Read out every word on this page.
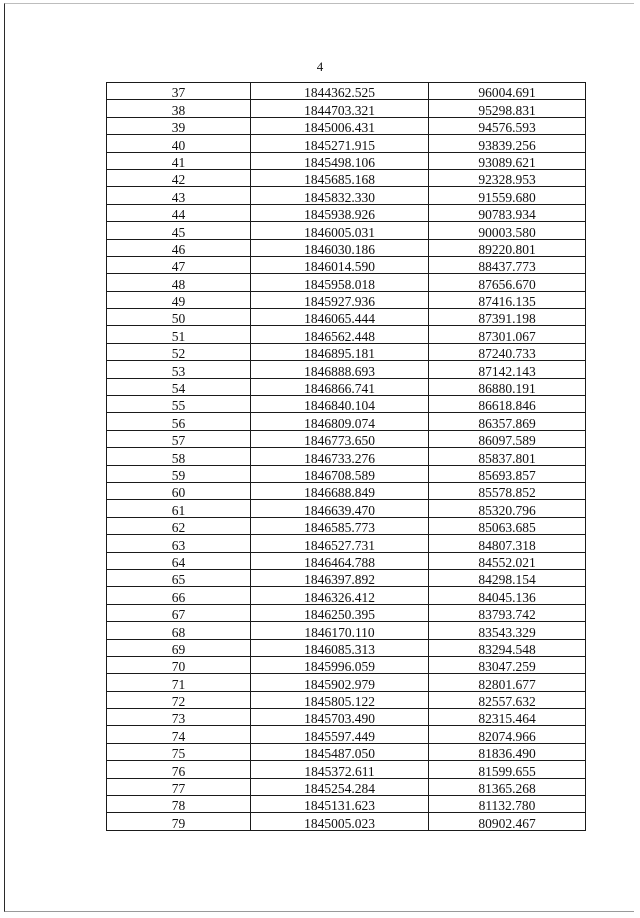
4
37	1844362.525	96004.691
38	1844703.321	95298.831
39	1845006.431	94576.593
40	1845271.915	93839.256
41	1845498.106	93089.621
42	1845685.168	92328.953
43	1845832.330	91559.680
44	1845938.926	90783.934
45	1846005.031	90003.580
46	1846030.186	89220.801
47	1846014.590	88437.773
48	1845958.018	87656.670
49	1845927.936	87416.135
50	1846065.444	87391.198
51	1846562.448	87301.067
52	1846895.181	87240.733
53	1846888.693	87142.143
54	1846866.741	86880.191
55	1846840.104	86618.846
56	1846809.074	86357.869
57	1846773.650	86097.589
58	1846733.276	85837.801
59	1846708.589	85693.857
60	1846688.849	85578.852
61	1846639.470	85320.796
62	1846585.773	85063.685
63	1846527.731	84807.318
64	1846464.788	84552.021
65	1846397.892	84298.154
66	1846326.412	84045.136
67	1846250.395	83793.742
68	1846170.110	83543.329
69	1846085.313	83294.548
70	1845996.059	83047.259
71	1845902.979	82801.677
72	1845805.122	82557.632
73	1845703.490	82315.464
74	1845597.449	82074.966
75	1845487.050	81836.490
76	1845372.611	81599.655
77	1845254.284	81365.268
78	1845131.623	81132.780
79	1845005.023	80902.467
